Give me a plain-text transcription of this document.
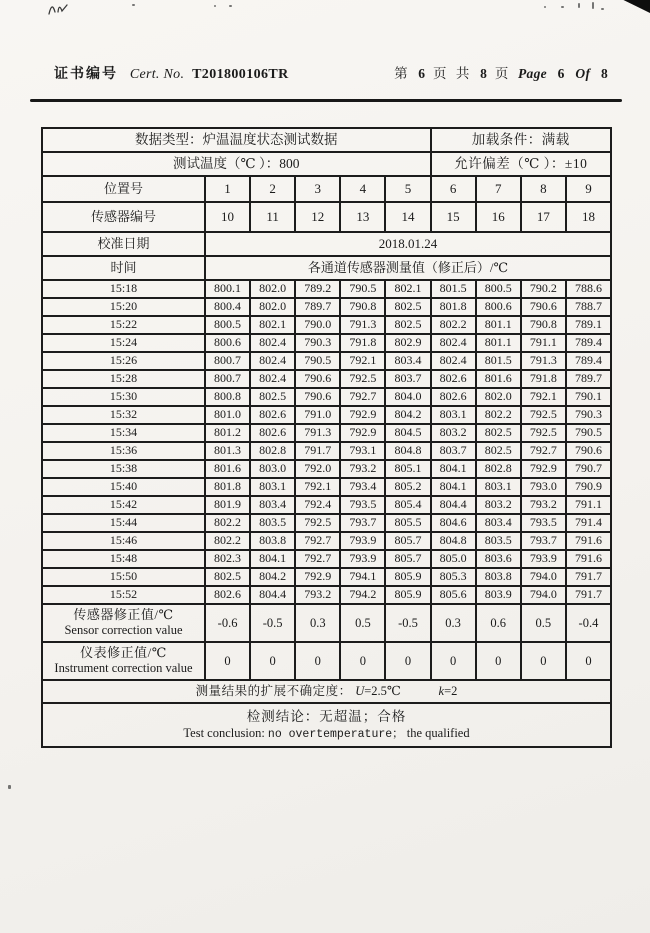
证书编号 Cert. No. T201800106TR	第 6 页 共 8 页 Page 6 Of 8
数据类型：炉温温度状态测试数据						加载条件：满载			
测试温度（℃ ）：800						允许偏差（℃ ）：±10			
位置号	1	2	3	4	5	6	7	8	9
传感器编号	10	11	12	13	14	15	16	17	18
校准日期	2018.01.24								
时间	各通道传感器测量值（修正后）/℃								
15:18	800.1	802.0	789.2	790.5	802.1	801.5	800.5	790.2	788.6
15:20	800.4	802.0	789.7	790.8	802.5	801.8	800.6	790.6	788.7
15:22	800.5	802.1	790.0	791.3	802.5	802.2	801.1	790.8	789.1
15:24	800.6	802.4	790.3	791.8	802.9	802.4	801.1	791.1	789.4
15:26	800.7	802.4	790.5	792.1	803.4	802.4	801.5	791.3	789.4
15:28	800.7	802.4	790.6	792.5	803.7	802.6	801.6	791.8	789.7
15:30	800.8	802.5	790.6	792.7	804.0	802.6	802.0	792.1	790.1
15:32	801.0	802.6	791.0	792.9	804.2	803.1	802.2	792.5	790.3
15:34	801.2	802.6	791.3	792.9	804.5	803.2	802.5	792.5	790.5
15:36	801.3	802.8	791.7	793.1	804.8	803.7	802.5	792.7	790.6
15:38	801.6	803.0	792.0	793.2	805.1	804.1	802.8	792.9	790.7
15:40	801.8	803.1	792.1	793.4	805.2	804.1	803.1	793.0	790.9
15:42	801.9	803.4	792.4	793.5	805.4	804.4	803.2	793.2	791.1
15:44	802.2	803.5	792.5	793.7	805.5	804.6	803.4	793.5	791.4
15:46	802.2	803.8	792.7	793.9	805.7	804.8	803.5	793.7	791.6
15:48	802.3	804.1	792.7	793.9	805.7	805.0	803.6	793.9	791.6
15:50	802.5	804.2	792.9	794.1	805.9	805.3	803.8	794.0	791.7
15:52	802.6	804.4	793.2	794.2	805.9	805.6	803.9	794.0	791.7

传感器修正值/℃
Sensor correction value	-0.6	-0.5	0.3	0.5	-0.5	0.3	0.6	0.5	-0.4

仪表修正值/℃
Instrument correction value	0	0	0	0	0	0	0	0	0
测量结果的扩展不确定度： U=2.5℃ k=2									

检测结论：无超温；合格
Test conclusion: no overtemperature； the qualified									
